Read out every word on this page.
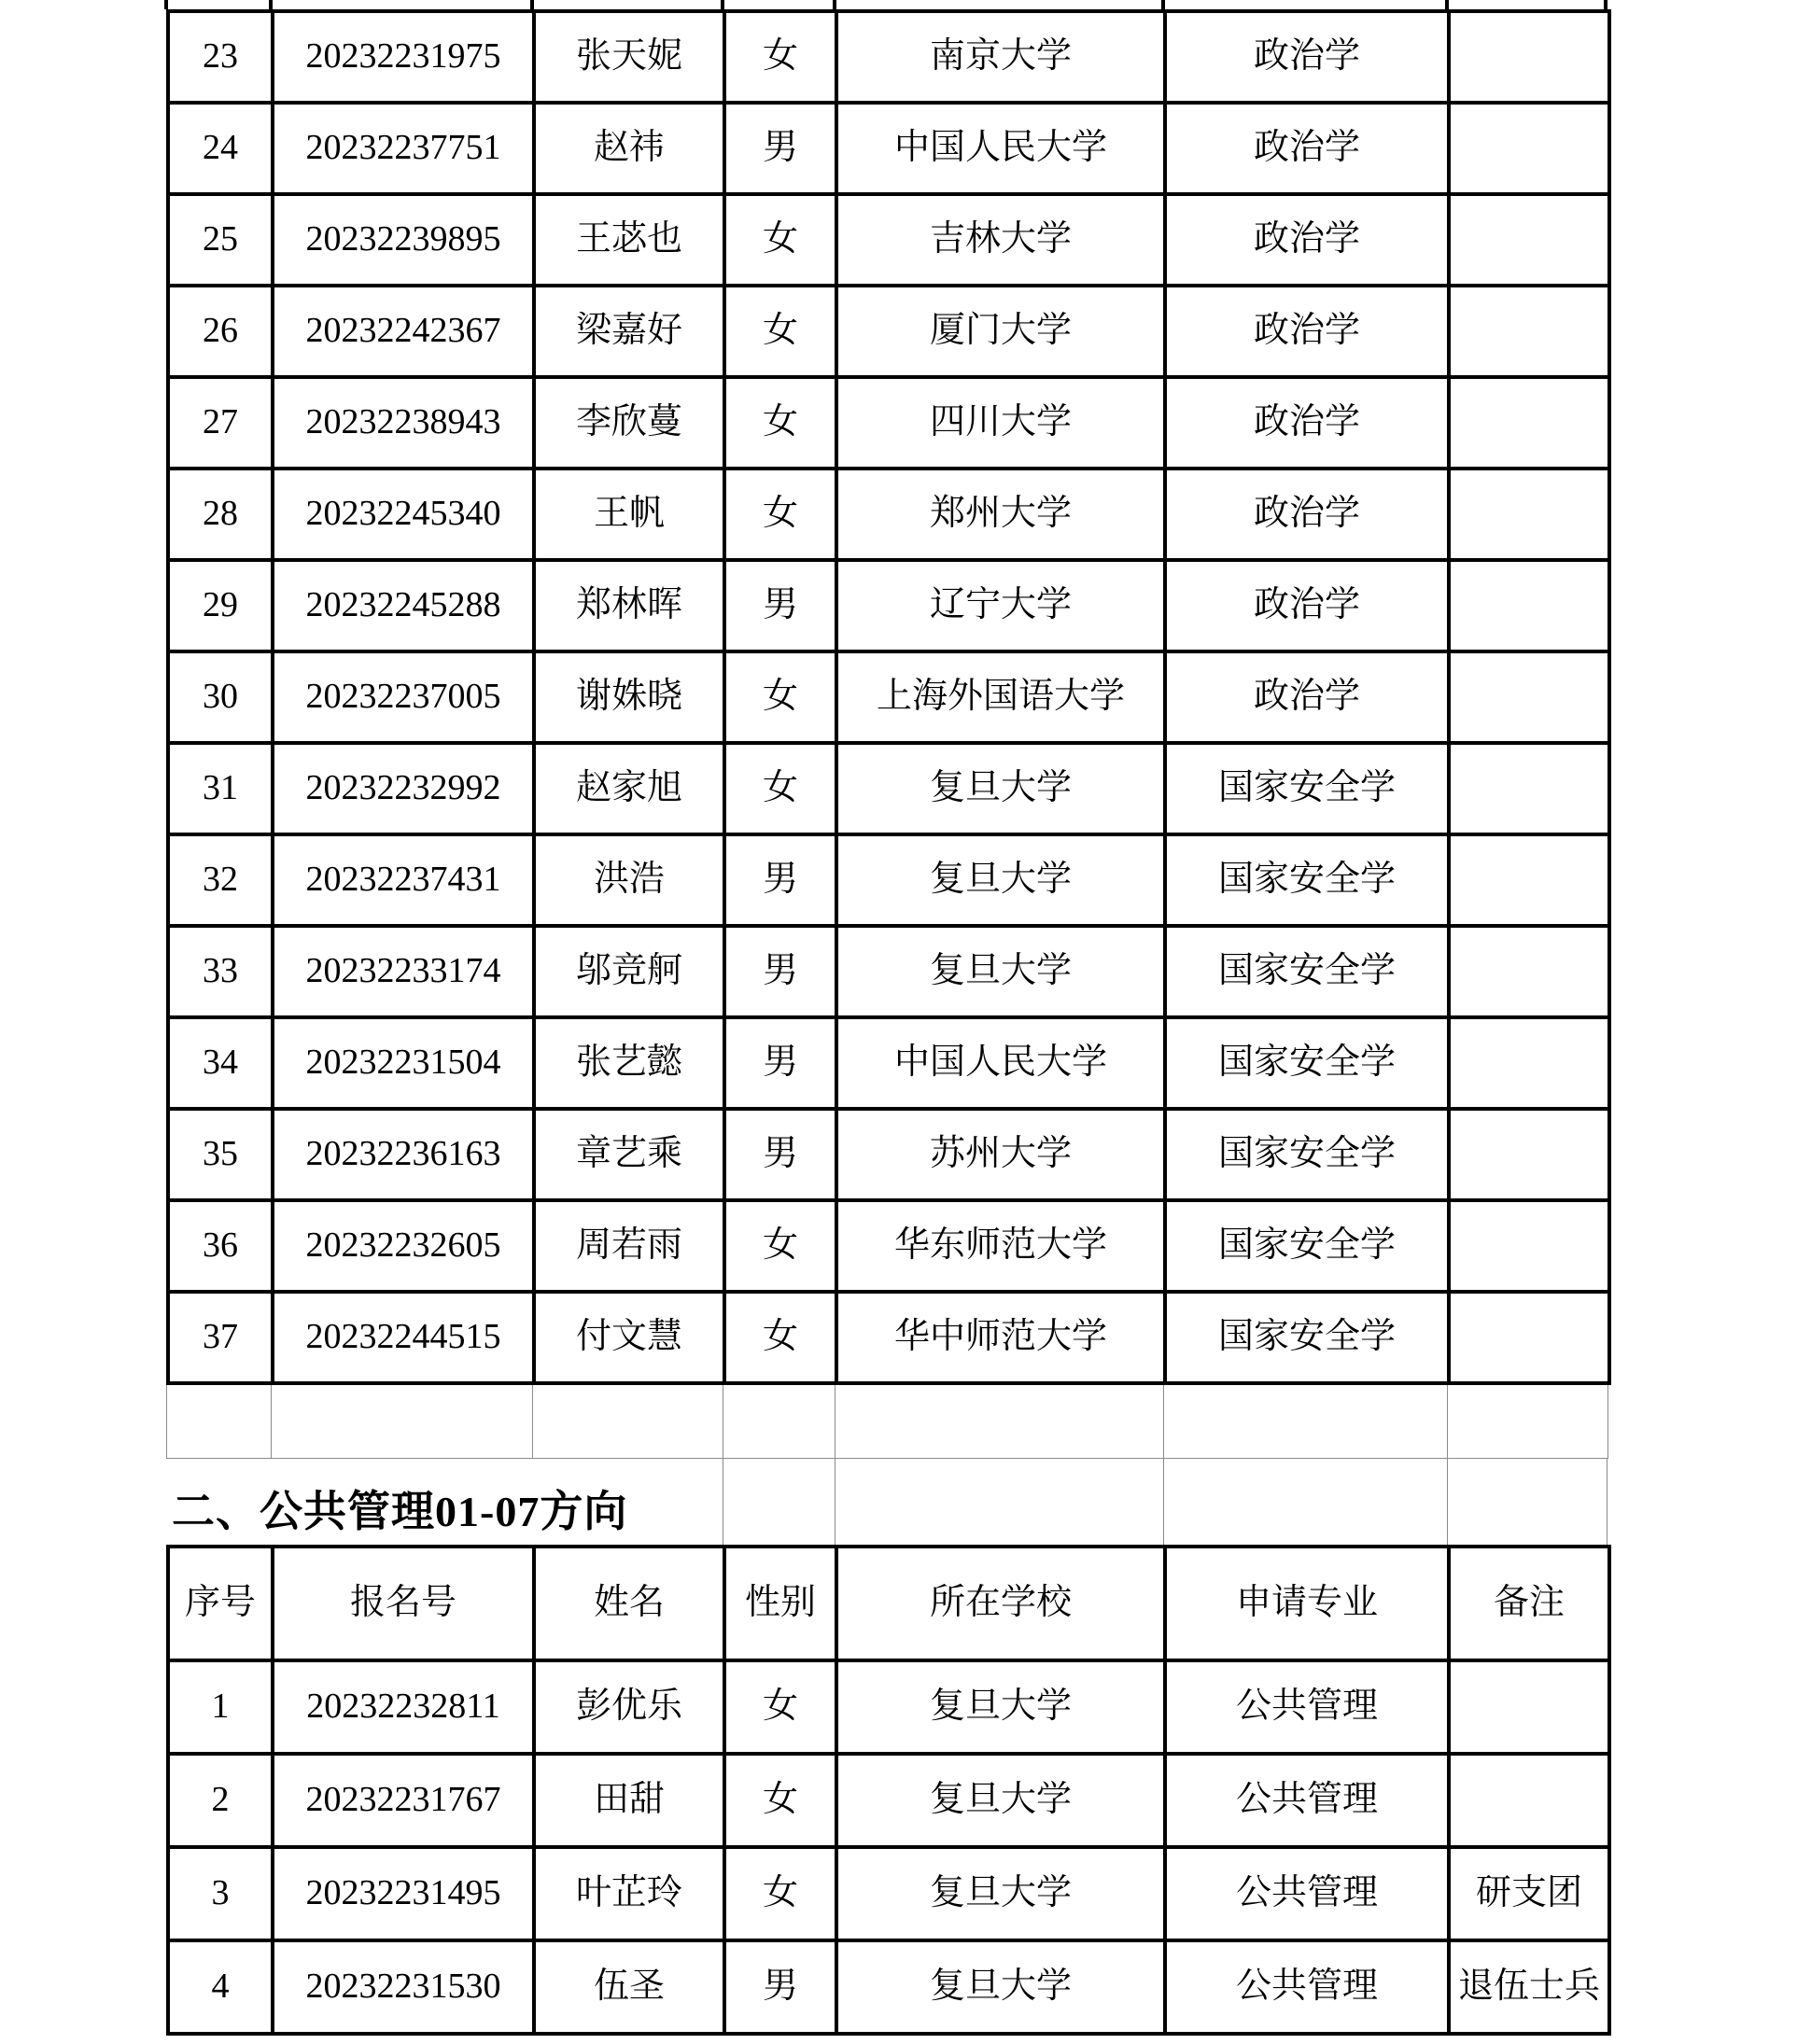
23	20232231975	张天妮	女	南京大学	政治学	
24	20232237751	赵祎	男	中国人民大学	政治学	
25	20232239895	王苾也	女	吉林大学	政治学	
26	20232242367	梁嘉好	女	厦门大学	政治学	
27	20232238943	李欣蔓	女	四川大学	政治学	
28	20232245340	王帆	女	郑州大学	政治学	
29	20232245288	郑林晖	男	辽宁大学	政治学	
30	20232237005	谢姝晓	女	上海外国语大学	政治学	
31	20232232992	赵家旭	女	复旦大学	国家安全学	
32	20232237431	洪浩	男	复旦大学	国家安全学	
33	20232233174	邬竞舸	男	复旦大学	国家安全学	
34	20232231504	张艺懿	男	中国人民大学	国家安全学	
35	20232236163	章艺乘	男	苏州大学	国家安全学	
36	20232232605	周若雨	女	华东师范大学	国家安全学	
37	20232244515	付文慧	女	华中师范大学	国家安全学	

二、公共管理01-07方向
序号	报名号	姓名	性别	所在学校	申请专业	备注
1	20232232811	彭优乐	女	复旦大学	公共管理	
2	20232231767	田甜	女	复旦大学	公共管理	
3	20232231495	叶芷玲	女	复旦大学	公共管理	研支团
4	20232231530	伍圣	男	复旦大学	公共管理	退伍士兵
